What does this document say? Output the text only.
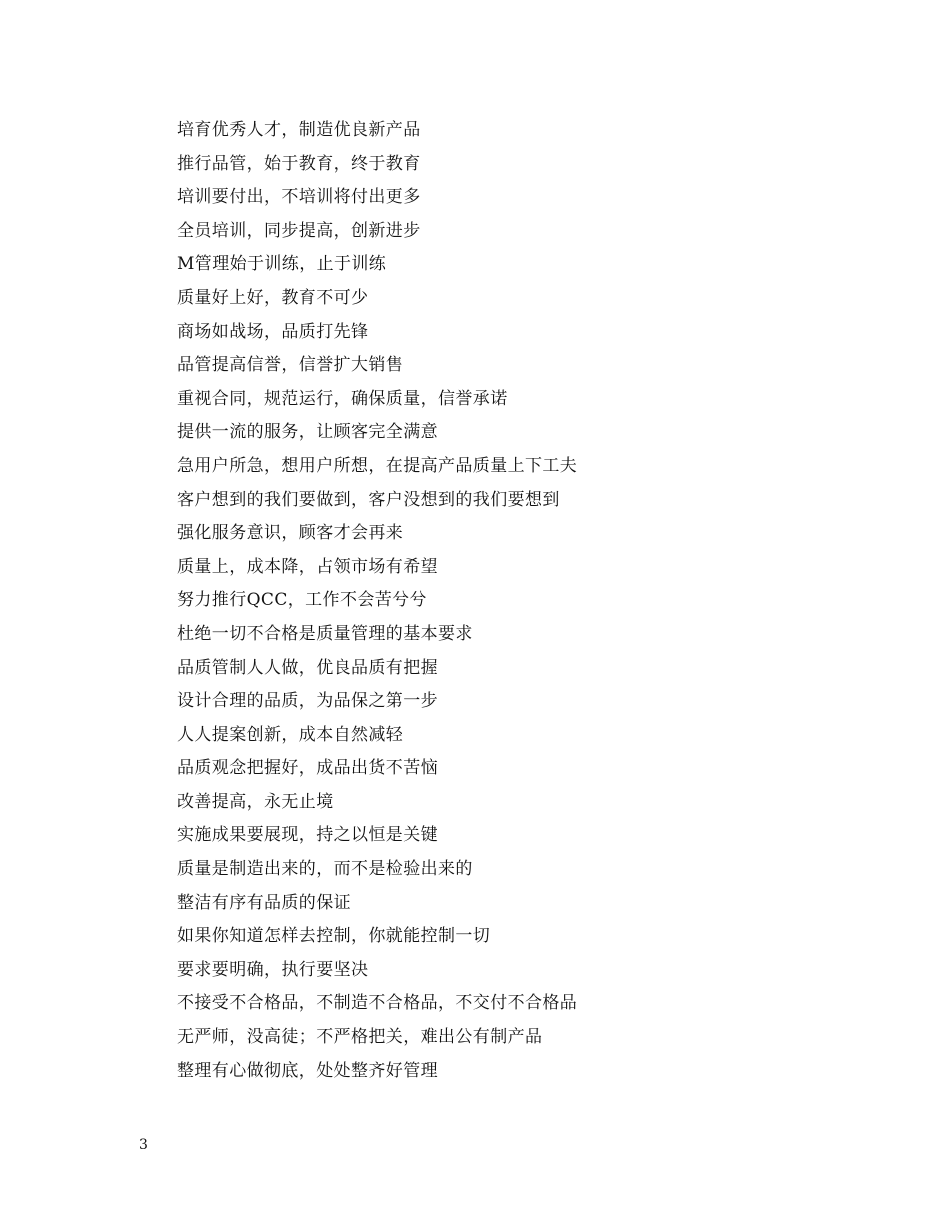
培育优秀人才，制造优良新产品
推行品管，始于教育，终于教育
培训要付出，不培训将付出更多
全员培训，同步提高，创新进步
M管理始于训练，止于训练
质量好上好，教育不可少
商场如战场，品质打先锋
品管提高信誉，信誉扩大销售
重视合同，规范运行，确保质量，信誉承诺
提供一流的服务，让顾客完全满意
急用户所急，想用户所想，在提高产品质量上下工夫
客户想到的我们要做到，客户没想到的我们要想到
强化服务意识，顾客才会再来
质量上，成本降，占领市场有希望
努力推行QCC，工作不会苦兮兮
杜绝一切不合格是质量管理的基本要求
品质管制人人做，优良品质有把握
设计合理的品质，为品保之第一步
人人提案创新，成本自然减轻
品质观念把握好，成品出货不苦恼
改善提高，永无止境
实施成果要展现，持之以恒是关键
质量是制造出来的，而不是检验出来的
整洁有序有品质的保证
如果你知道怎样去控制，你就能控制一切
要求要明确，执行要坚决
不接受不合格品，不制造不合格品，不交付不合格品
无严师，没高徒；不严格把关，难出公有制产品
整理有心做彻底，处处整齐好管理
3
